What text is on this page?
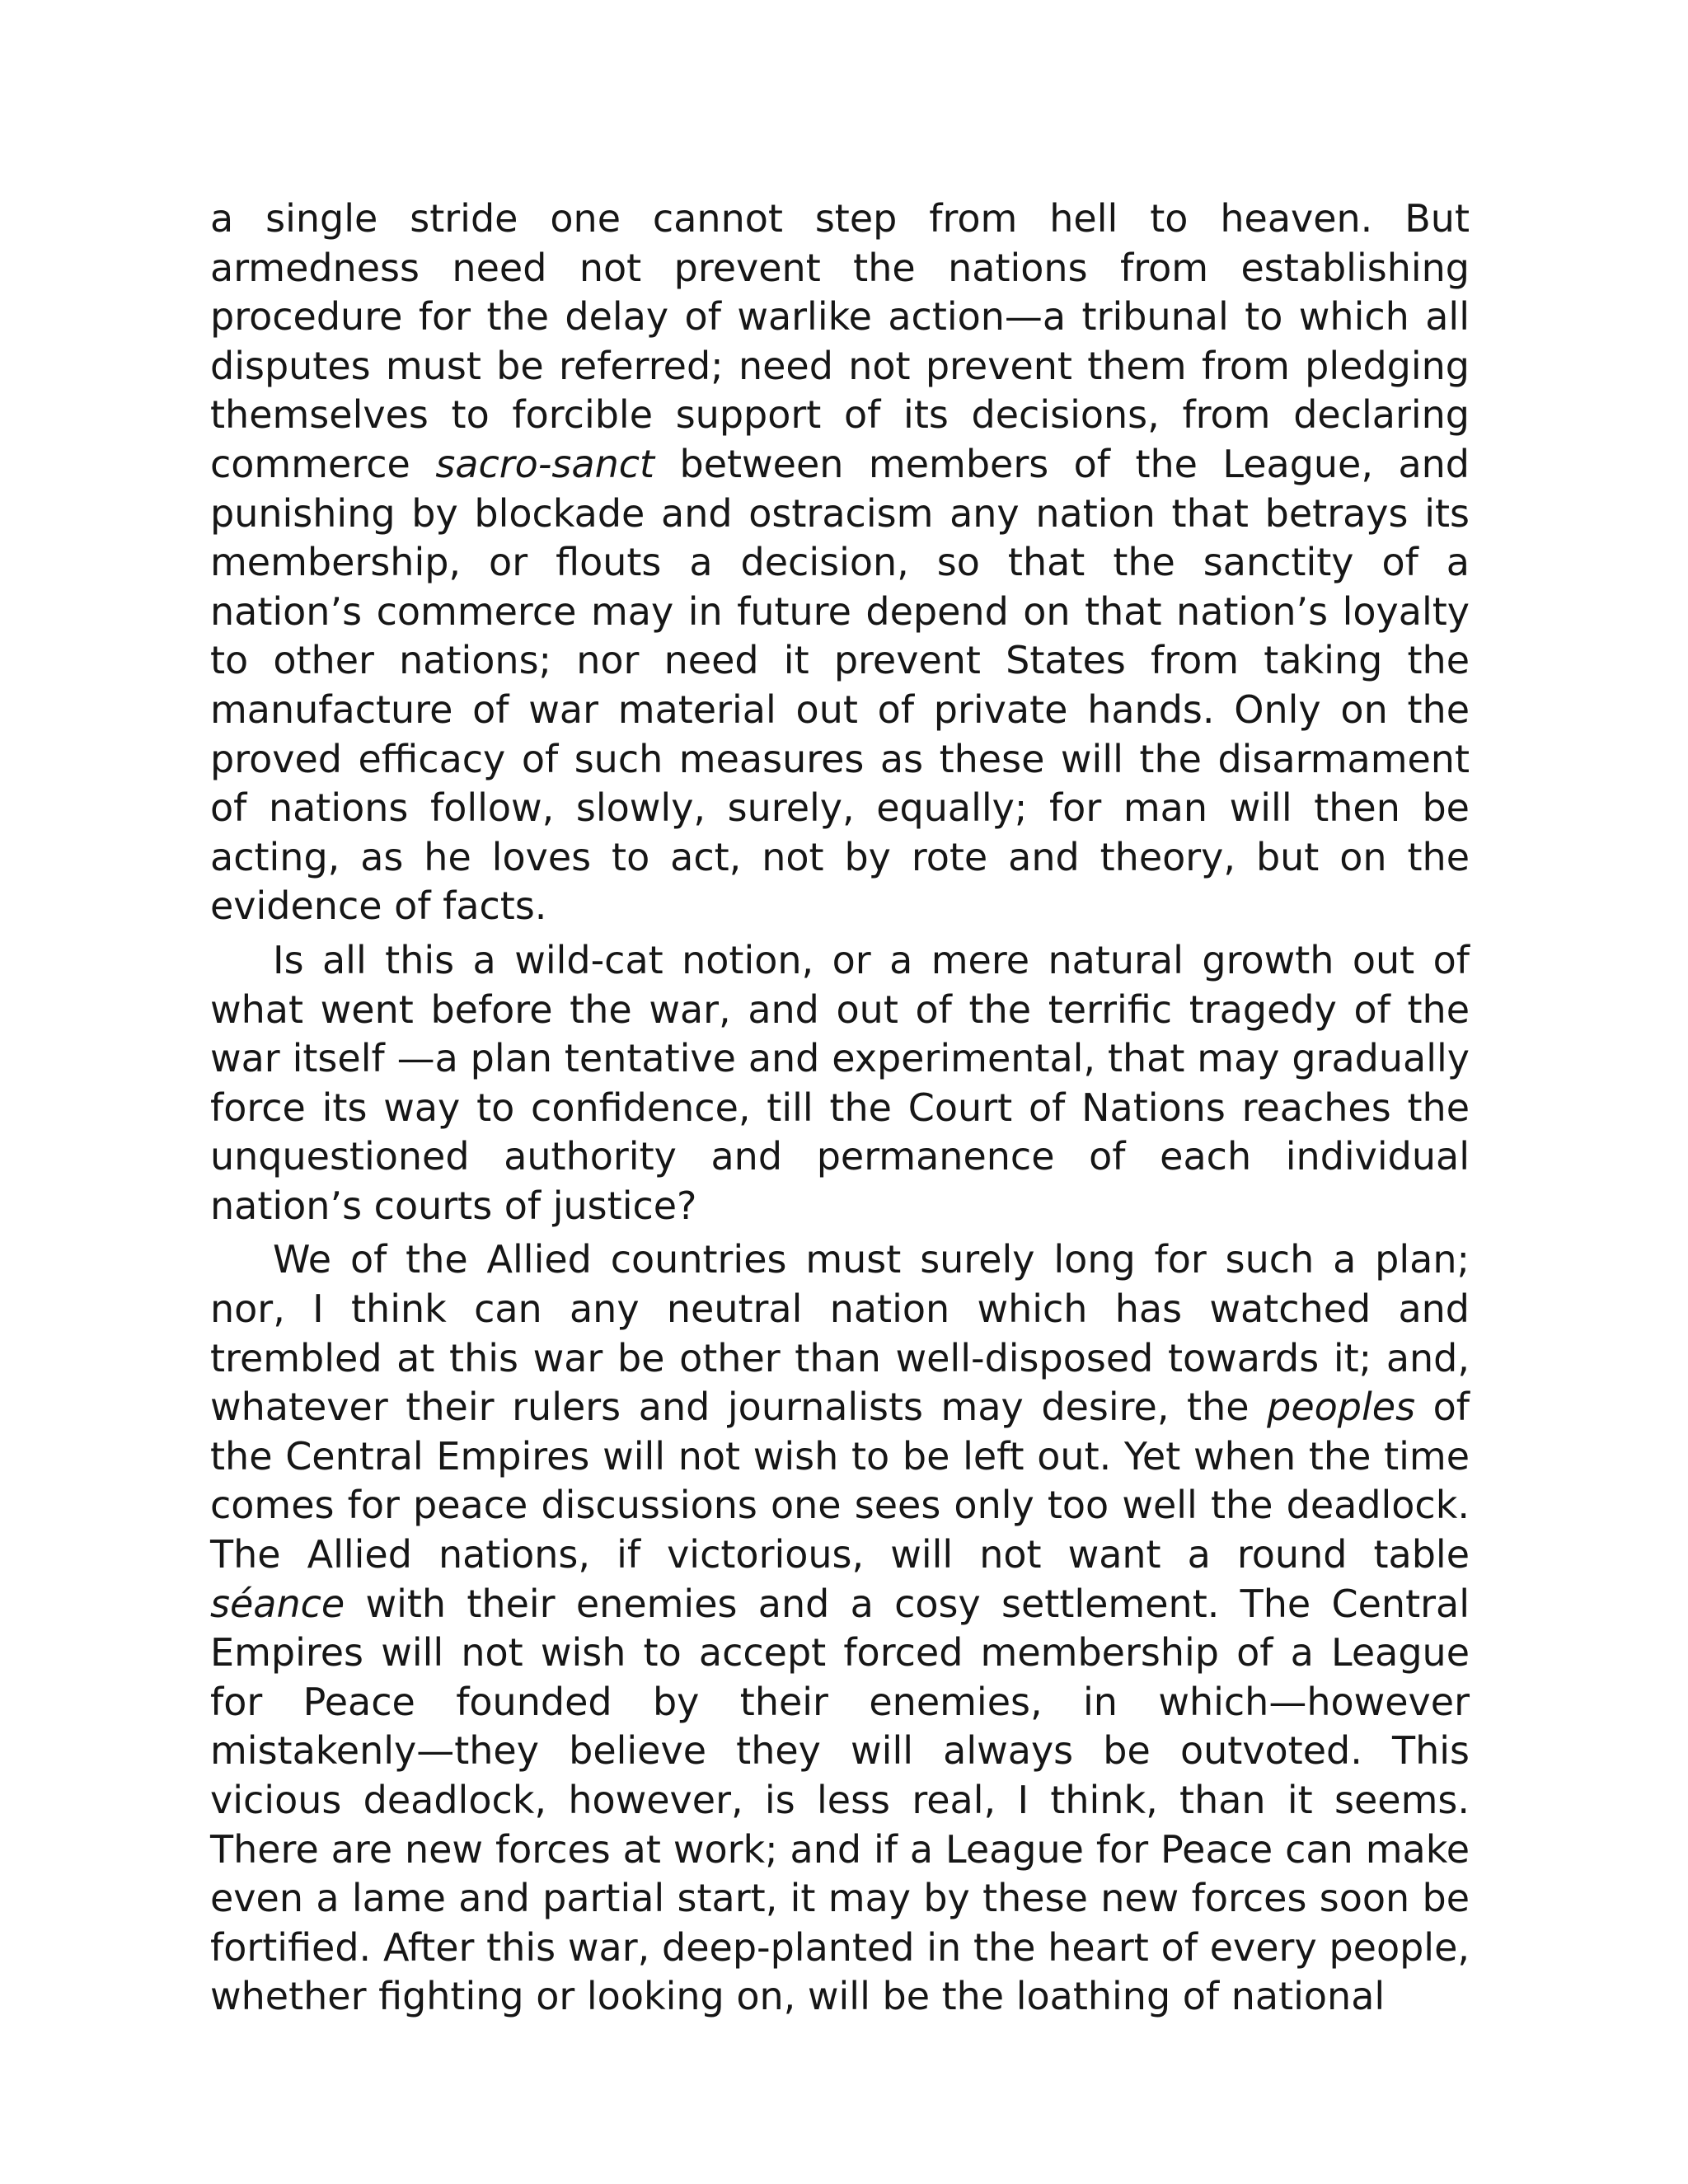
a single stride one cannot step from hell to heaven. But armedness need not prevent the nations from establishing procedure for the delay of warlike action—a tribunal to which all disputes must be referred; need not prevent them from pledging themselves to forcible support of its decisions, from declaring commerce sacro-sanct between members of the League, and punishing by blockade and ostracism any nation that betrays its membership, or flouts a decision, so that the sanctity of a nation’s commerce may in future depend on that nation’s loyalty to other nations; nor need it prevent States from taking the manufacture of war material out of private hands. Only on the proved efficacy of such measures as these will the disarmament of nations follow, slowly, surely, equally; for man will then be acting, as he loves to act, not by rote and theory, but on the evidence of facts.

Is all this a wild-cat notion, or a mere natural growth out of what went before the war, and out of the terrific tragedy of the war itself —a plan tentative and experimental, that may gradually force its way to confidence, till the Court of Nations reaches the unquestioned authority and permanence of each individual nation’s courts of justice?

We of the Allied countries must surely long for such a plan; nor, I think can any neutral nation which has watched and trembled at this war be other than well-disposed towards it; and, whatever their rulers and journalists may desire, the peoples of the Central Empires will not wish to be left out. Yet when the time comes for peace discussions one sees only too well the deadlock. The Allied nations, if victorious, will not want a round table séance with their enemies and a cosy settlement. The Central Empires will not wish to accept forced membership of a League for Peace founded by their enemies, in which—however mistakenly—they believe they will always be outvoted. This vicious deadlock, however, is less real, I think, than it seems. There are new forces at work; and if a League for Peace can make even a lame and partial start, it may by these new forces soon be fortified. After this war, deep-planted in the heart of every people, whether fighting or looking on, will be the loathing of national
